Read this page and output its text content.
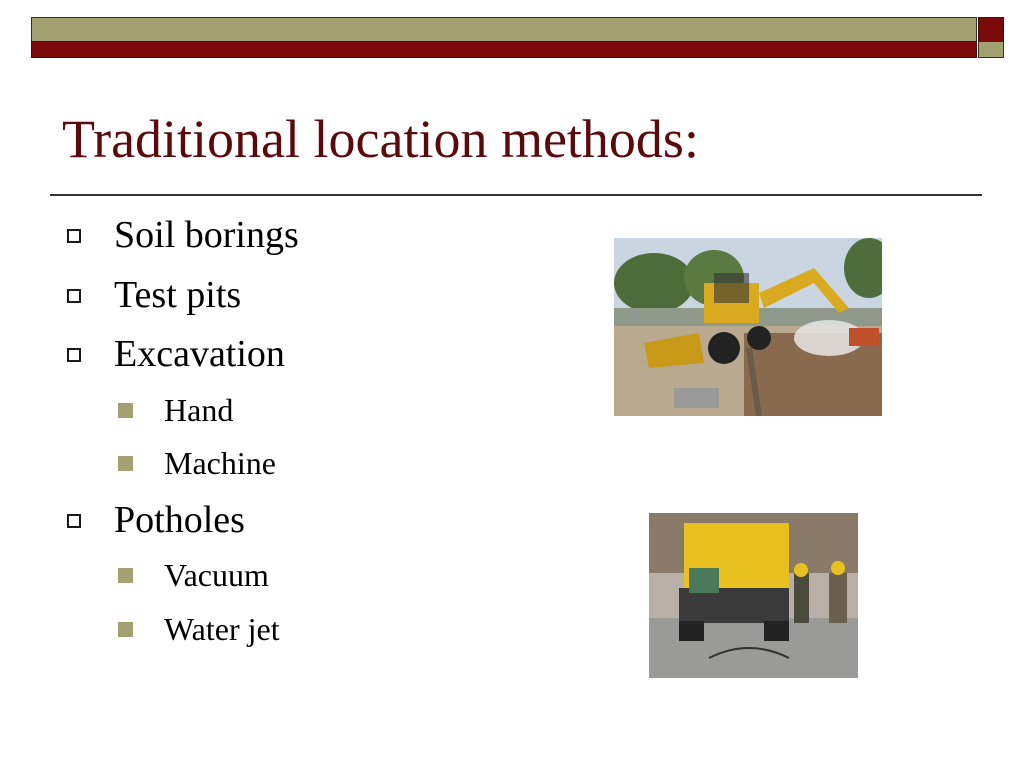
Traditional location methods:
Soil borings
Test pits
Excavation
Hand
Machine
Potholes
Vacuum
Water jet
